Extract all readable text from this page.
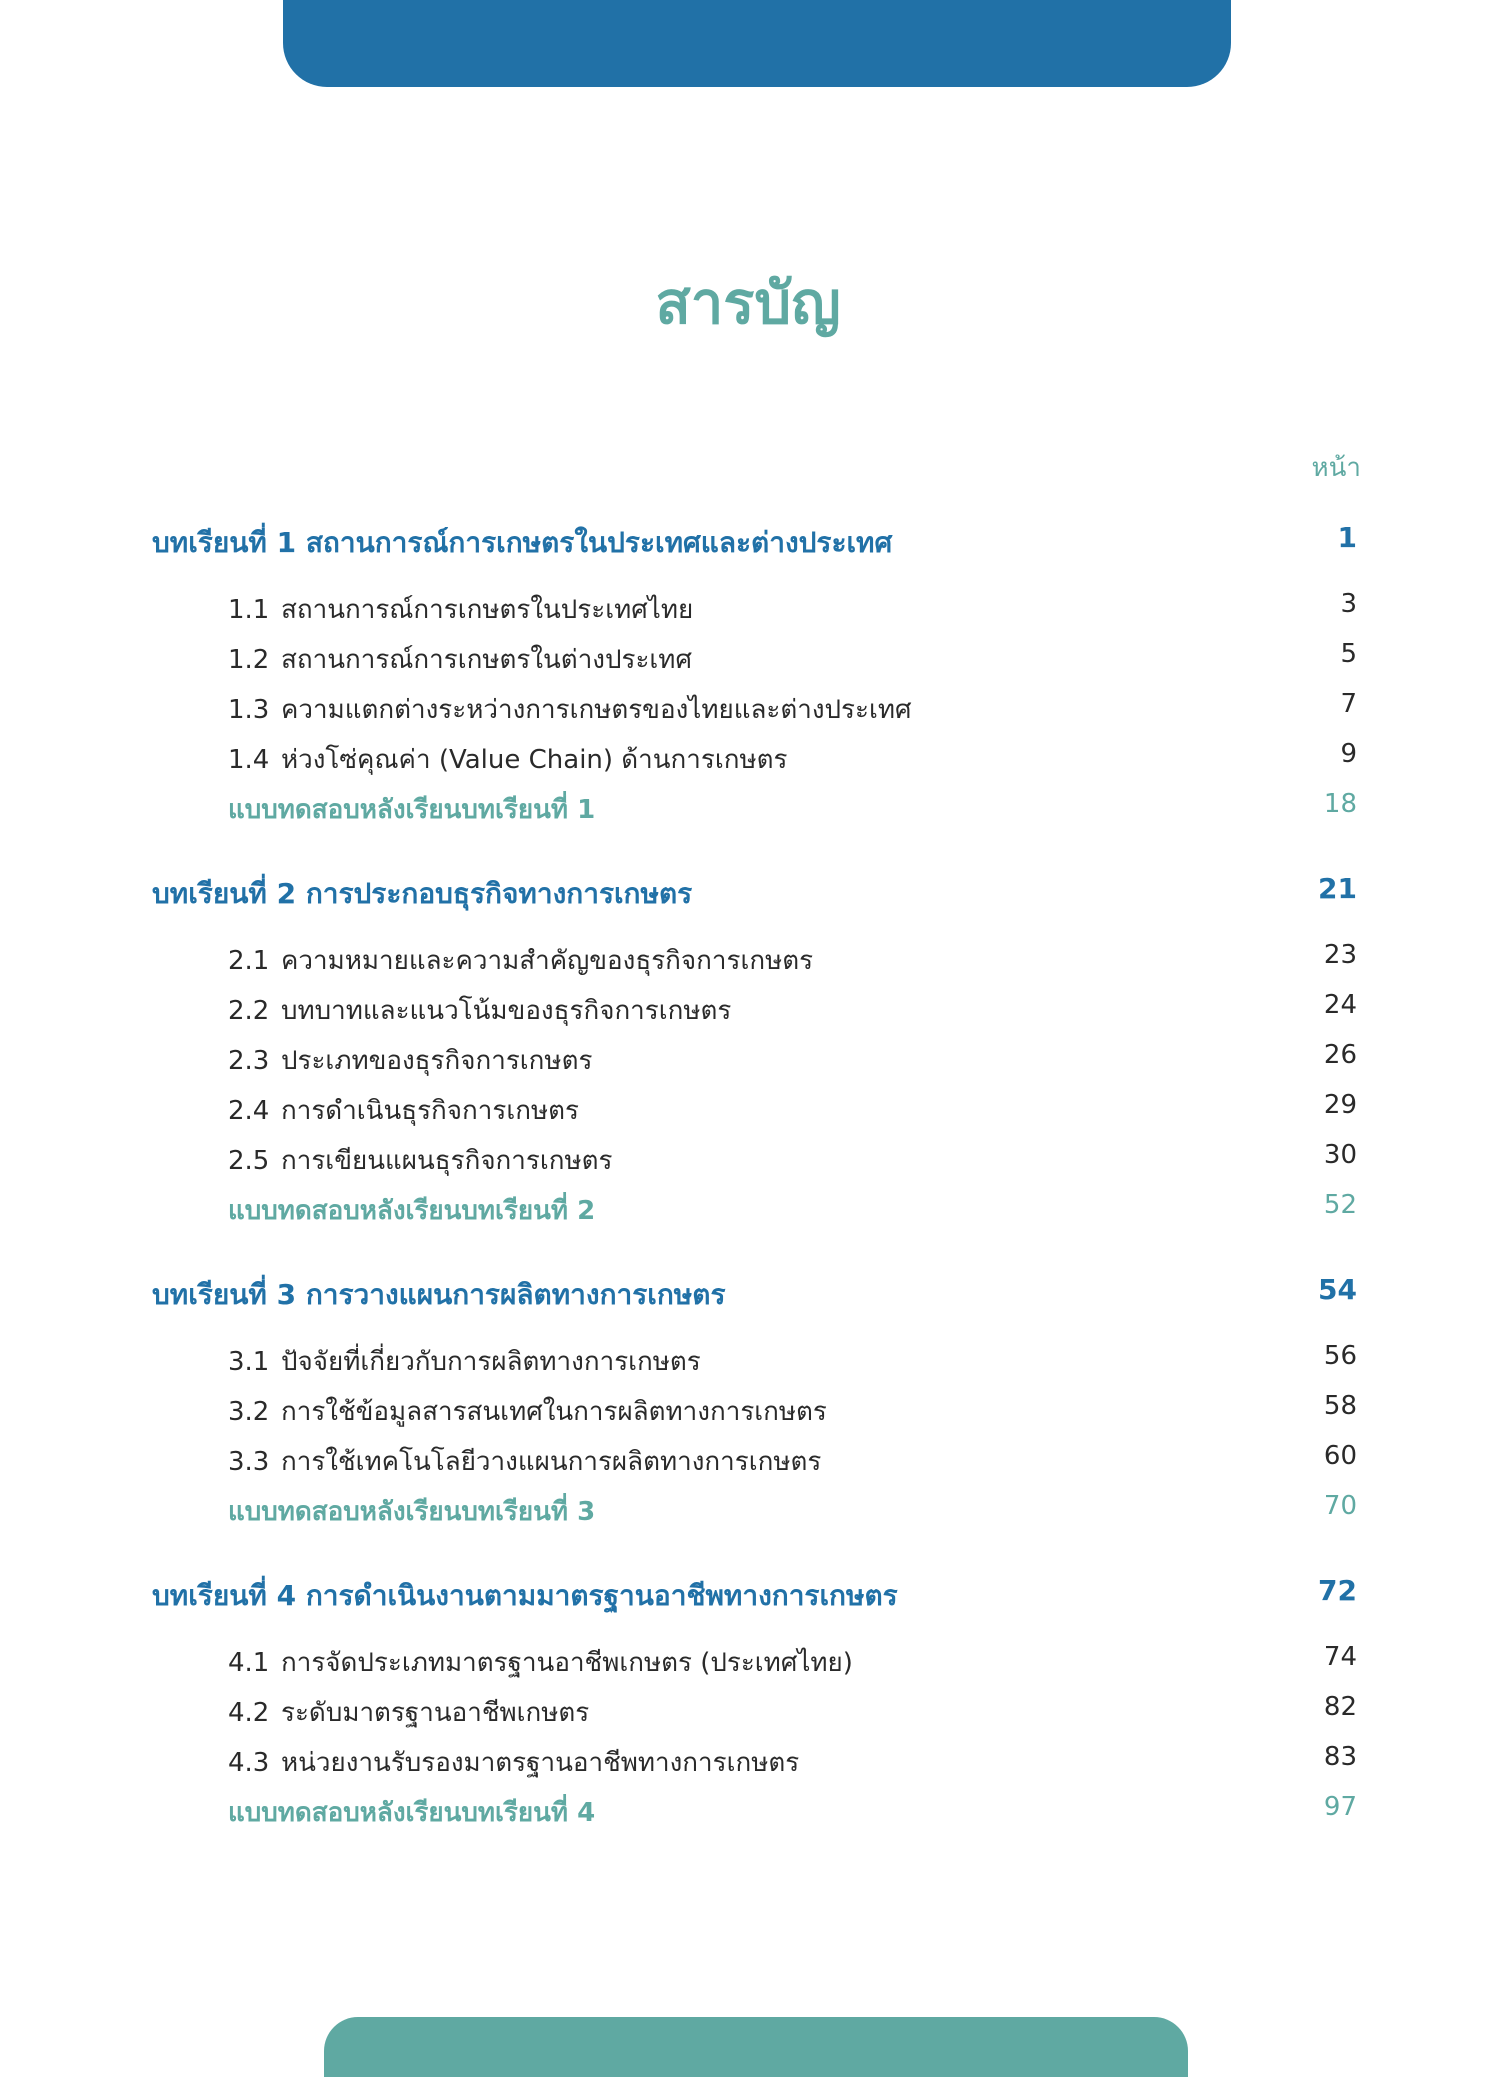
สารบัญ
หน้า
บทเรียนที่ 1 สถานการณ์การเกษตรในประเทศและต่างประเทศ	1
1.1 สถานการณ์การเกษตรในประเทศไทย	3
1.2 สถานการณ์การเกษตรในต่างประเทศ	5
1.3 ความแตกต่างระหว่างการเกษตรของไทยและต่างประเทศ	7
1.4 ห่วงโซ่คุณค่า (Value Chain) ด้านการเกษตร	9
แบบทดสอบหลังเรียนบทเรียนที่ 1	18
บทเรียนที่ 2 การประกอบธุรกิจทางการเกษตร	21
2.1 ความหมายและความสำคัญของธุรกิจการเกษตร	23
2.2 บทบาทและแนวโน้มของธุรกิจการเกษตร	24
2.3 ประเภทของธุรกิจการเกษตร	26
2.4 การดำเนินธุรกิจการเกษตร	29
2.5 การเขียนแผนธุรกิจการเกษตร	30
แบบทดสอบหลังเรียนบทเรียนที่ 2	52
บทเรียนที่ 3 การวางแผนการผลิตทางการเกษตร	54
3.1 ปัจจัยที่เกี่ยวกับการผลิตทางการเกษตร	56
3.2 การใช้ข้อมูลสารสนเทศในการผลิตทางการเกษตร	58
3.3 การใช้เทคโนโลยีวางแผนการผลิตทางการเกษตร	60
แบบทดสอบหลังเรียนบทเรียนที่ 3	70
บทเรียนที่ 4 การดำเนินงานตามมาตรฐานอาชีพทางการเกษตร	72
4.1 การจัดประเภทมาตรฐานอาชีพเกษตร (ประเทศไทย)	74
4.2 ระดับมาตรฐานอาชีพเกษตร	82
4.3 หน่วยงานรับรองมาตรฐานอาชีพทางการเกษตร	83
แบบทดสอบหลังเรียนบทเรียนที่ 4	97
